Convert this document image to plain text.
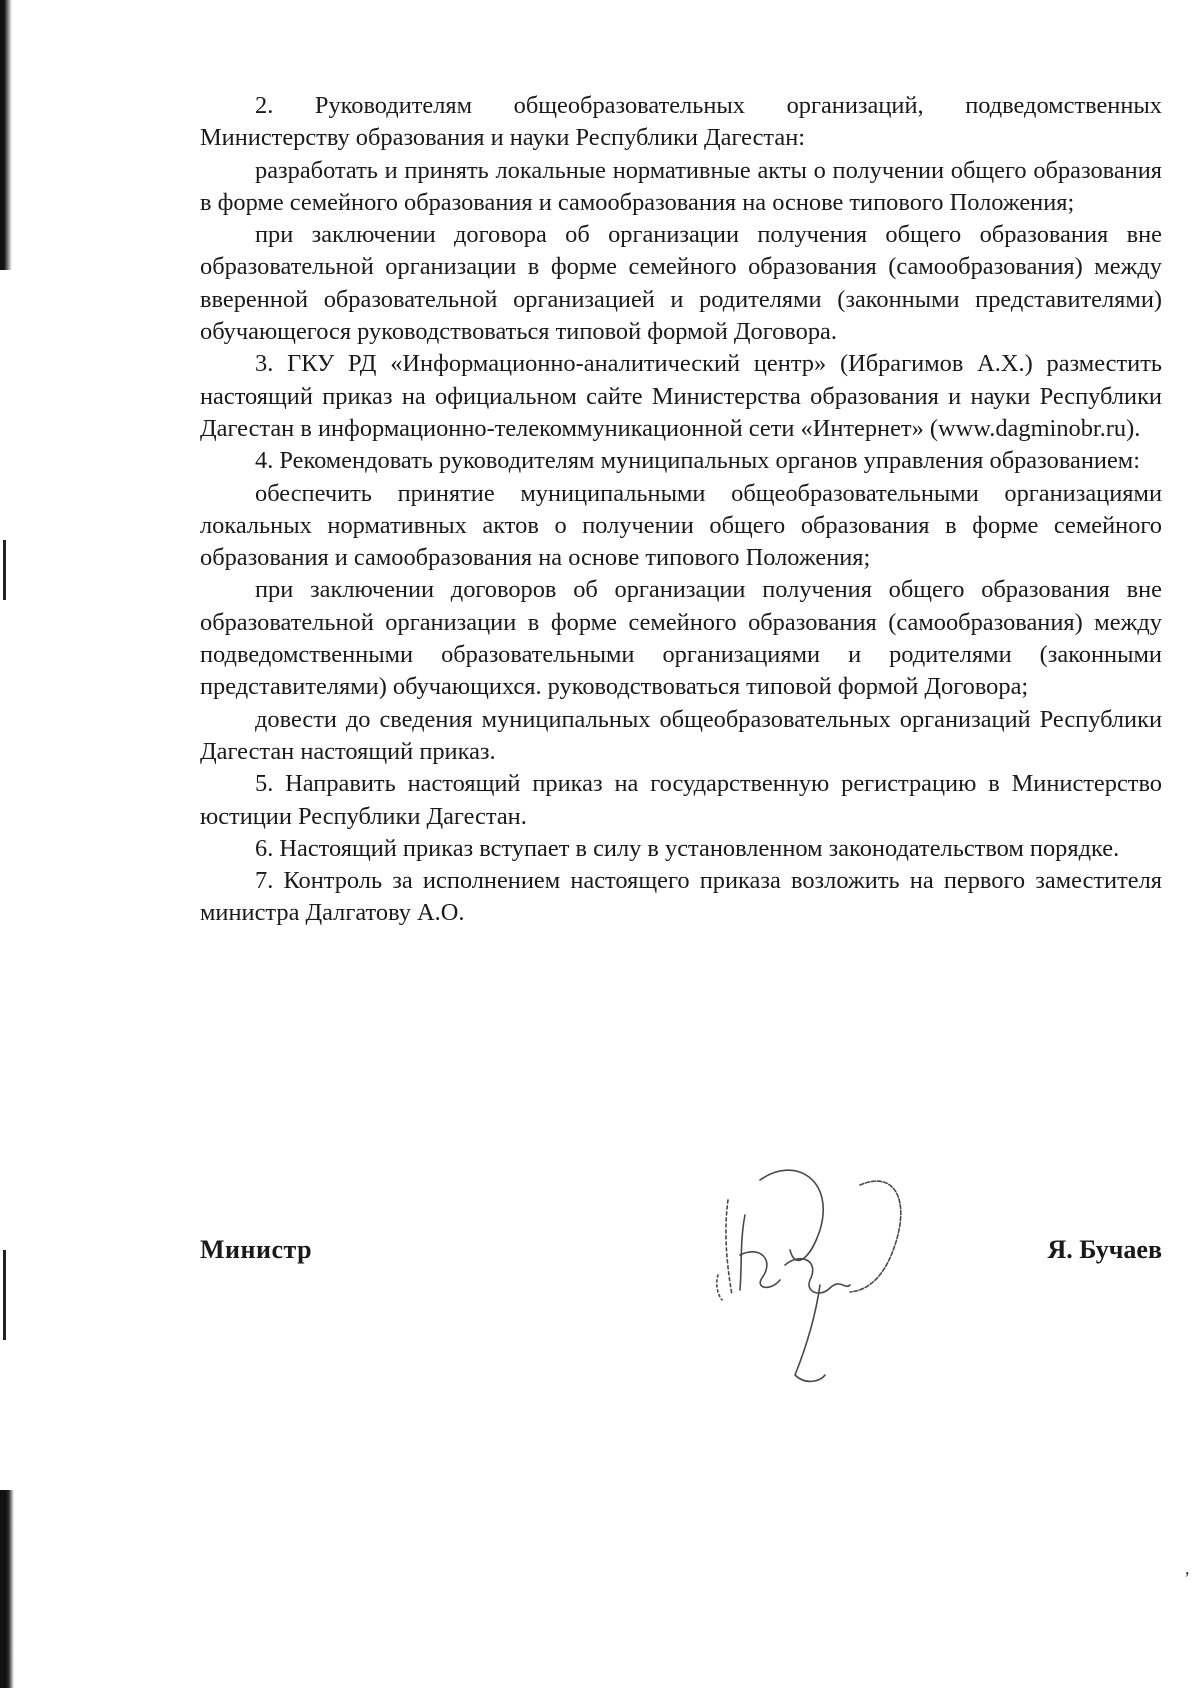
2. Руководителям общеобразовательных организаций, подведомственных Министерству образования и науки Республики Дагестан:

разработать и принять локальные нормативные акты о получении общего образования в форме семейного образования и самообразования на основе типового Положения;

при заключении договора об организации получения общего образования вне образовательной организации в форме семейного образования (самообразования) между вверенной образовательной организацией и родителями (законными представителями) обучающегося руководствоваться типовой формой Договора.

3. ГКУ РД «Информационно-аналитический центр» (Ибрагимов А.Х.) разместить настоящий приказ на официальном сайте Министерства образования и науки Республики Дагестан в информационно-телекоммуникационной сети «Интернет» (www.dagminobr.ru).

4. Рекомендовать руководителям муниципальных органов управления образованием:

обеспечить принятие муниципальными общеобразовательными организациями локальных нормативных актов о получении общего образования в форме семейного образования и самообразования на основе типового Положения;

при заключении договоров об организации получения общего образования вне образовательной организации в форме семейного образования (самообразования) между подведомственными образовательными организациями и родителями (законными представителями) обучающихся. руководствоваться типовой формой Договора;

довести до сведения муниципальных общеобразовательных организаций Республики Дагестан настоящий приказ.

5. Направить настоящий приказ на государственную регистрацию в Министерство юстиции Республики Дагестан.

6. Настоящий приказ вступает в силу в установленном законодательством порядке.

7. Контроль за исполнением настоящего приказа возложить на первого заместителя министра Далгатову А.О.

Министр	Я. Бучаев
,
